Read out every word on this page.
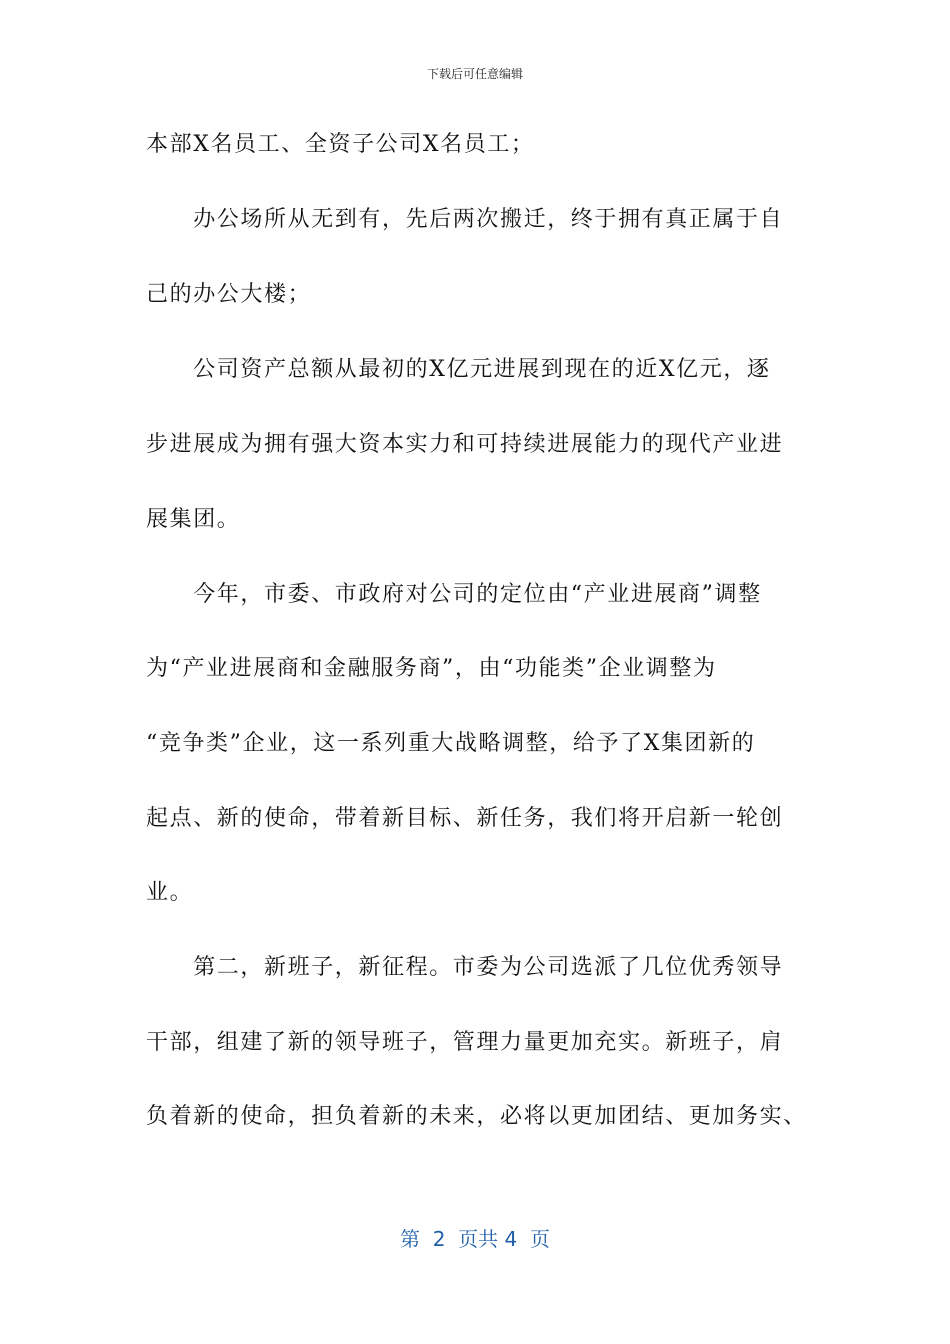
下载后可任意编辑
本部X名员工、全资子公司X名员工；
　　办公场所从无到有，先后两次搬迁，终于拥有真正属于自
己的办公大楼；
　　公司资产总额从最初的X亿元进展到现在的近X亿元，逐
步进展成为拥有强大资本实力和可持续进展能力的现代产业进
展集团。
　　今年，市委、市政府对公司的定位由“产业进展商”调整
为“产业进展商和金融服务商”，由“功能类”企业调整为
“竞争类”企业，这一系列重大战略调整，给予了X集团新的
起点、新的使命，带着新目标、新任务，我们将开启新一轮创
业。
　　第二，新班子，新征程。市委为公司选派了几位优秀领导
干部，组建了新的领导班子，管理力量更加充实。新班子，肩
负着新的使命，担负着新的未来，必将以更加团结、更加务实、
第  2  页共 4  页
